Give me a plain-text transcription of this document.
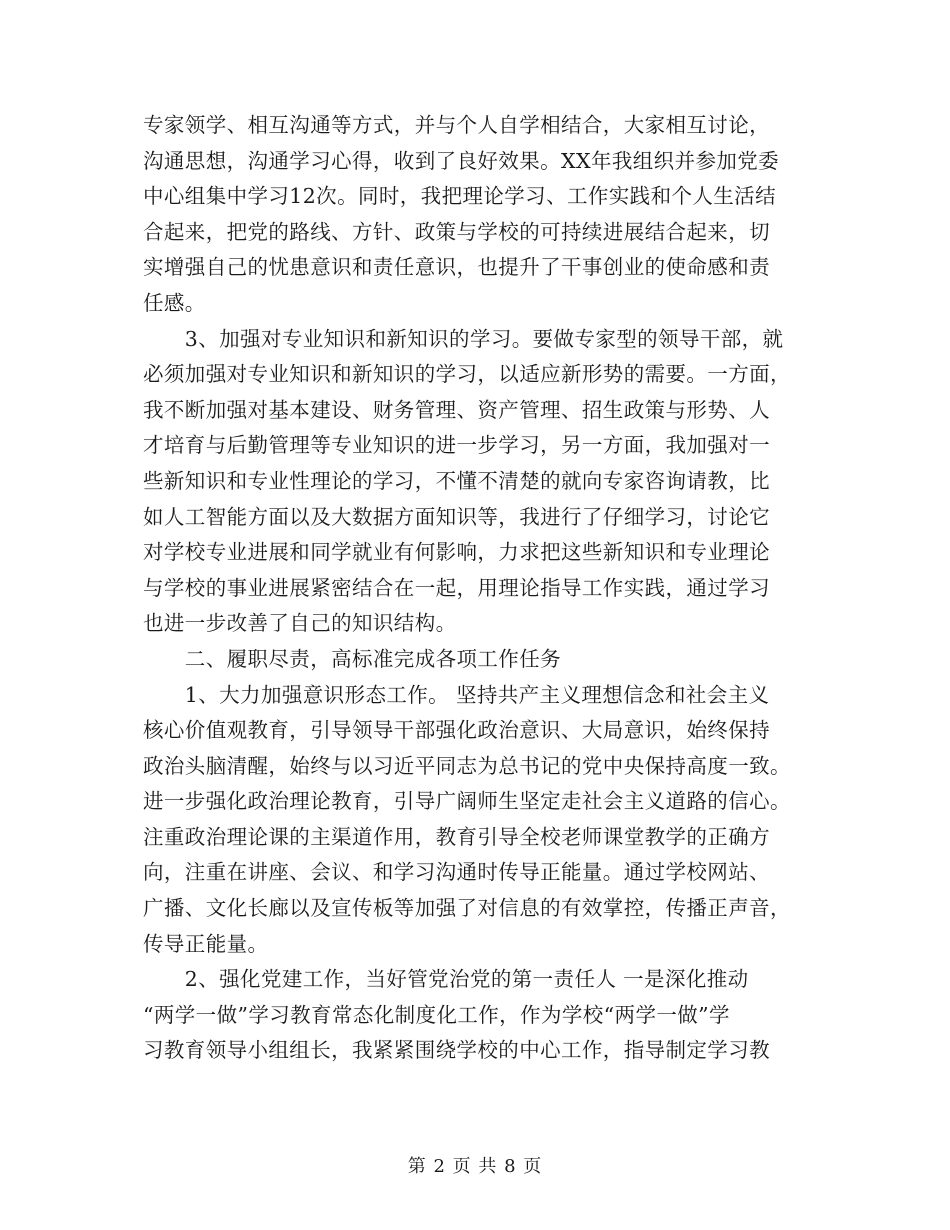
专家领学、相互沟通等方式，并与个人自学相结合，大家相互讨论，
沟通思想，沟通学习心得，收到了良好效果。XX年我组织并参加党委
中心组集中学习12次。同时，我把理论学习、工作实践和个人生活结
合起来，把党的路线、方针、政策与学校的可持续进展结合起来，切
实增强自己的忧患意识和责任意识，也提升了干事创业的使命感和责
任感。
　　3、加强对专业知识和新知识的学习。要做专家型的领导干部，就
必须加强对专业知识和新知识的学习，以适应新形势的需要。一方面，
我不断加强对基本建设、财务管理、资产管理、招生政策与形势、人
才培育与后勤管理等专业知识的进一步学习，另一方面，我加强对一
些新知识和专业性理论的学习，不懂不清楚的就向专家咨询请教，比
如人工智能方面以及大数据方面知识等，我进行了仔细学习，讨论它
对学校专业进展和同学就业有何影响，力求把这些新知识和专业理论
与学校的事业进展紧密结合在一起，用理论指导工作实践，通过学习
也进一步改善了自己的知识结构。
　　二、履职尽责，高标准完成各项工作任务
　　1、大力加强意识形态工作。 坚持共产主义理想信念和社会主义
核心价值观教育，引导领导干部强化政治意识、大局意识，始终保持
政治头脑清醒，始终与以习近平同志为总书记的党中央保持高度一致。
进一步强化政治理论教育，引导广阔师生坚定走社会主义道路的信心。
注重政治理论课的主渠道作用，教育引导全校老师课堂教学的正确方
向，注重在讲座、会议、和学习沟通时传导正能量。通过学校网站、
广播、文化长廊以及宣传板等加强了对信息的有效掌控，传播正声音，
传导正能量。
　　2、强化党建工作，当好管党治党的第一责任人 一是深化推动
“两学一做”学习教育常态化制度化工作，作为学校“两学一做”学
习教育领导小组组长，我紧紧围绕学校的中心工作，指导制定学习教
第 2 页 共 8 页
